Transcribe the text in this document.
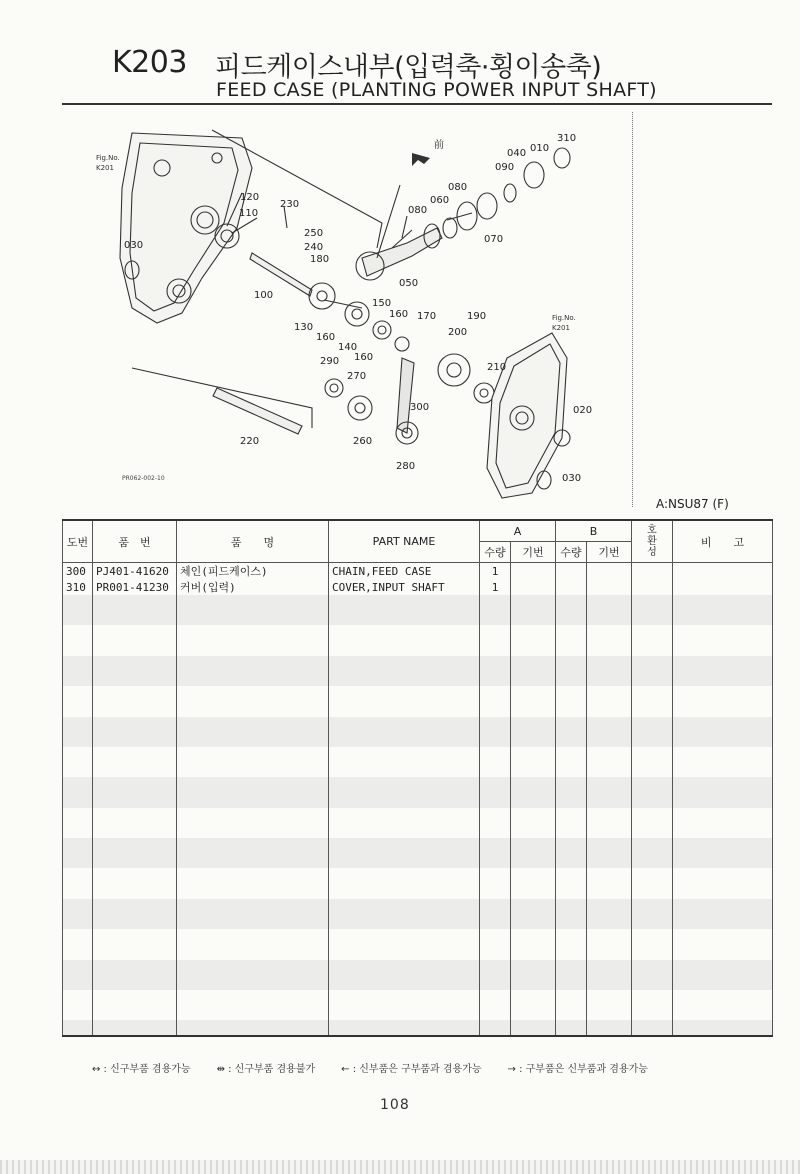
K203 피드케이스내부(입력축·횡이송축)
FEED CASE (PLANTING POWER INPUT SHAFT)
前
Fig.No.
K201
Fig.No.
K201
PR062-002-10
310
010
040
090
080
060
080
070
050
120
110
230
250
240
180
030
100
130
160
140
160
150
160 170	190
200
290
270
210
300	020
220	260
280
030
A:NSU87 (F)
도번	품　번	품　　명	PART NAME	A		B		호
환
성	비　　고
				수량	기번	수량	기번		
300	PJ401-41620	체인(피드케이스)	CHAIN,FEED CASE	1					
310	PR001-41230	커버(입력)	COVER,INPUT SHAFT	1					

↔ : 신구부품 겸용가능	⇹ : 신구부품 겸용불가	← : 신부품은 구부품과 겸용가능	→ : 구부품은 신부품과 겸용가능
108
